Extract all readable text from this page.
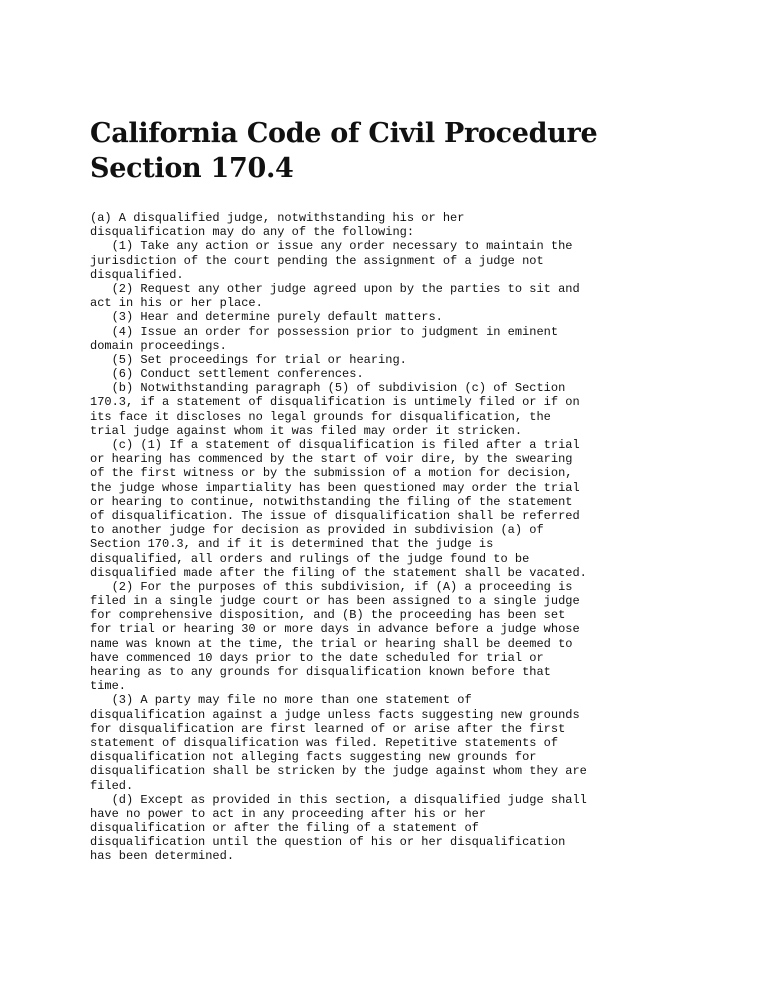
California Code of Civil Procedure Section 170.4
(a) A disqualified judge, notwithstanding his or her
disqualification may do any of the following:
(1) Take any action or issue any order necessary to maintain the
jurisdiction of the court pending the assignment of a judge not
disqualified.
(2) Request any other judge agreed upon by the parties to sit and
act in his or her place.
(3) Hear and determine purely default matters.
(4) Issue an order for possession prior to judgment in eminent
domain proceedings.
(5) Set proceedings for trial or hearing.
(6) Conduct settlement conferences.
(b) Notwithstanding paragraph (5) of subdivision (c) of Section
170.3, if a statement of disqualification is untimely filed or if on
its face it discloses no legal grounds for disqualification, the
trial judge against whom it was filed may order it stricken.
(c) (1) If a statement of disqualification is filed after a trial
or hearing has commenced by the start of voir dire, by the swearing
of the first witness or by the submission of a motion for decision,
the judge whose impartiality has been questioned may order the trial
or hearing to continue, notwithstanding the filing of the statement
of disqualification. The issue of disqualification shall be referred
to another judge for decision as provided in subdivision (a) of
Section 170.3, and if it is determined that the judge is
disqualified, all orders and rulings of the judge found to be
disqualified made after the filing of the statement shall be vacated.
(2) For the purposes of this subdivision, if (A) a proceeding is
filed in a single judge court or has been assigned to a single judge
for comprehensive disposition, and (B) the proceeding has been set
for trial or hearing 30 or more days in advance before a judge whose
name was known at the time, the trial or hearing shall be deemed to
have commenced 10 days prior to the date scheduled for trial or
hearing as to any grounds for disqualification known before that
time.
(3) A party may file no more than one statement of
disqualification against a judge unless facts suggesting new grounds
for disqualification are first learned of or arise after the first
statement of disqualification was filed. Repetitive statements of
disqualification not alleging facts suggesting new grounds for
disqualification shall be stricken by the judge against whom they are
filed.
(d) Except as provided in this section, a disqualified judge shall
have no power to act in any proceeding after his or her
disqualification or after the filing of a statement of
disqualification until the question of his or her disqualification
has been determined.
